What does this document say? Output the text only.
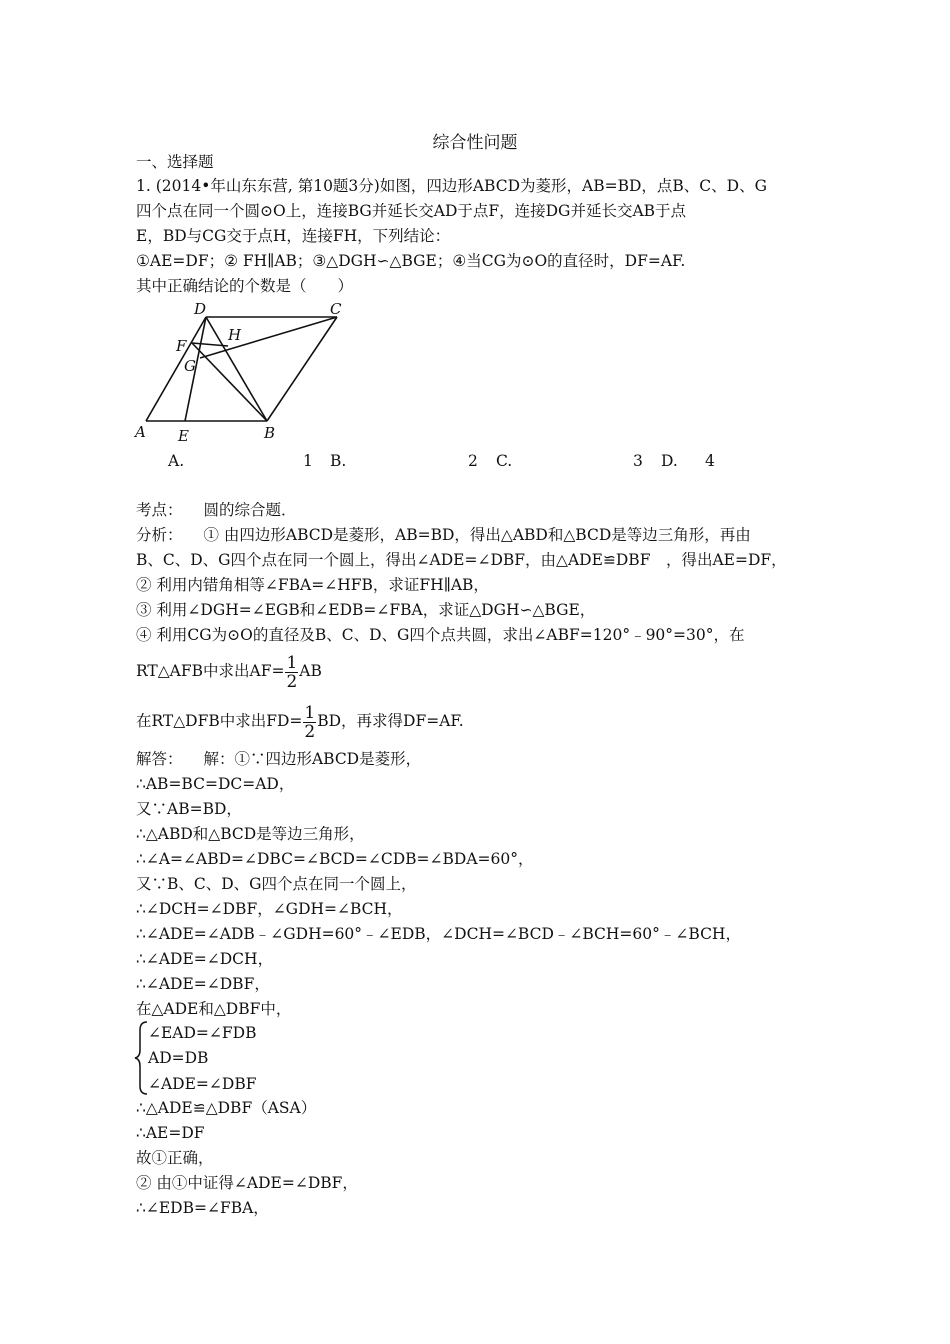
综合性问题
一、选择题
1. (2014•年山东东营, 第10题3分)如图，四边形ABCD为菱形，AB=BD，点B、C、D、G
四个点在同一个圆⊙O上，连接BG并延长交AD于点F，连接DG并延长交AB于点
E，BD与CG交于点H，连接FH，下列结论：
①AE=DF；② FH∥AB；③△DGH∽△BGE；④当CG为⊙O的直径时，DF=AF.
其中正确结论的个数是（　　）
D	C
H
F
G
A E	B
A.	1 B.	2 C.	3 D. 4
考点： 圆的综合题．
分析： ① 由四边形ABCD是菱形，AB=BD，得出△ABD和△BCD是等边三角形，再由
B、C、D、G四个点在同一个圆上，得出∠ADE=∠DBF，由△ADE≌DBF　，得出AE=DF，
② 利用内错角相等∠FBA=∠HFB，求证FH∥AB，
③ 利用∠DGH=∠EGB和∠EDB=∠FBA，求证△DGH∽△BGE，
④ 利用CG为⊙O的直径及B、C、D、G四个点共圆，求出∠ABF=120°﹣90°=30°，在
RT△AFB中求出$AF= \frac{1}{2}$ AB
在RT△DFB中求出$FD= \frac{1}{2}$ BD，再求得DF=AF.
解答： 解：①∵四边形ABCD是菱形，
∴AB=BC=DC=AD，
又∵AB=BD，
∴△ABD和△BCD是等边三角形，
∴∠A=∠ABD=∠DBC=∠BCD=∠CDB=∠BDA=60°，
又∵B、C、D、G四个点在同一个圆上，
∴∠DCH=∠DBF，∠GDH=∠BCH，
∴∠ADE=∠ADB﹣∠GDH=60°﹣∠EDB，∠DCH=∠BCD﹣∠BCH=60°﹣∠BCH，
∴∠ADE=∠DCH，
∴∠ADE=∠DBF，
在△ADE和△DBF中，
∠EAD=∠FDB
AD=DB
∠ADE=∠DBF
∴△ADE≌△DBF（ASA）
∴AE=DF
故①正确，
② 由①中证得∠ADE=∠DBF，
∴∠EDB=∠FBA，
